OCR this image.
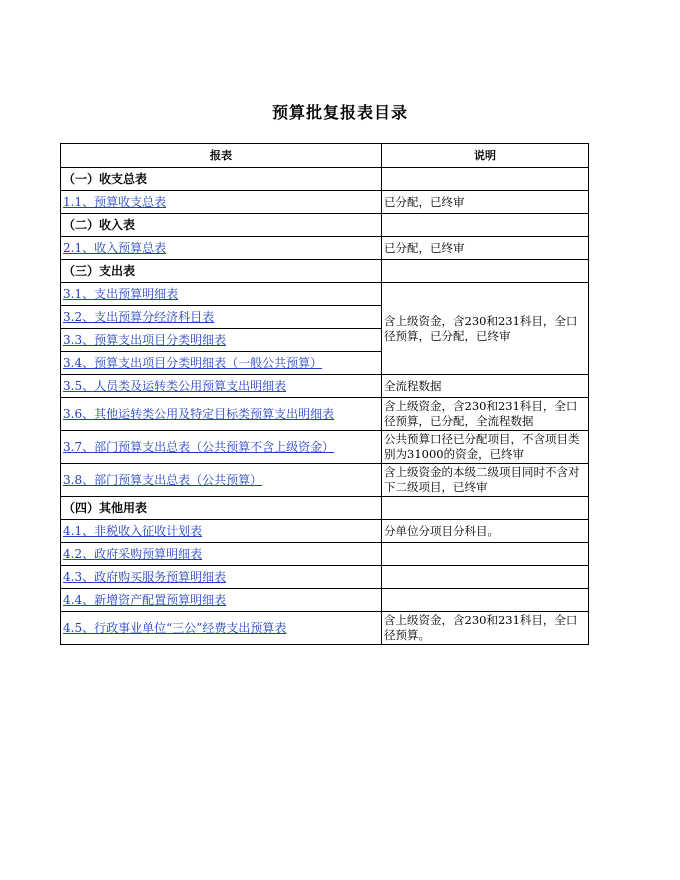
预算批复报表目录
报表	说明
（一）收支总表	
1.1、预算收支总表	已分配，已终审
（二）收入表	
2.1、收入预算总表	已分配，已终审
（三）支出表	
3.1、支出预算明细表	含上级资金，含230和231科目，全口径预算，已分配，已终审
3.2、支出预算分经济科目表	
3.3、预算支出项目分类明细表	
3.4、预算支出项目分类明细表（一般公共预算）	
3.5、人员类及运转类公用预算支出明细表	全流程数据
3.6、其他运转类公用及特定目标类预算支出明细表	含上级资金，含230和231科目，全口径预算，已分配，全流程数据
3.7、部门预算支出总表（公共预算不含上级资金）	公共预算口径已分配项目，不含项目类别为31000的资金，已终审
3.8、部门预算支出总表（公共预算）	含上级资金的本级二级项目同时不含对下二级项目，已终审
（四）其他用表	
4.1、非税收入征收计划表	分单位分项目分科目。
4.2、政府采购预算明细表	
4.3、政府购买服务预算明细表	
4.4、新增资产配置预算明细表	
4.5、行政事业单位“三公”经费支出预算表	含上级资金，含230和231科目，全口径预算。
